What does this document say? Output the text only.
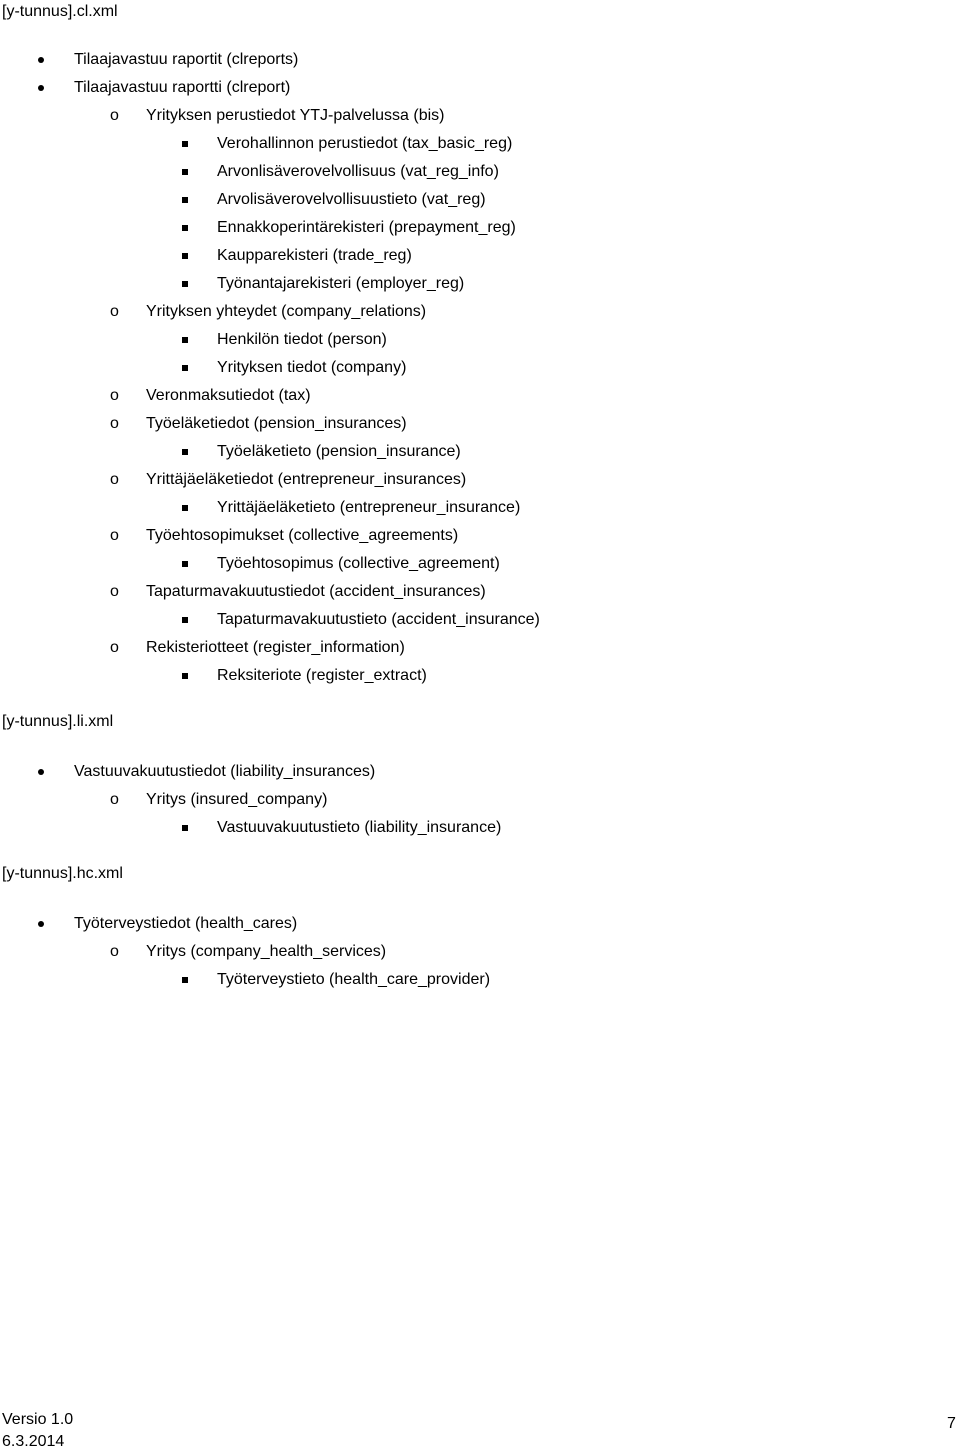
[y-tunnus].cl.xml
Tilaajavastuu raportit (clreports)
Tilaajavastuu raportti (clreport)
o Yrityksen perustiedot YTJ-palvelussa (bis)
Verohallinnon perustiedot (tax_basic_reg)
Arvonlisäverovelvollisuus (vat_reg_info)
Arvolisäverovelvollisuustieto (vat_reg)
Ennakkoperintärekisteri (prepayment_reg)
Kaupparekisteri (trade_reg)
Työnantajarekisteri (employer_reg)
o Yrityksen yhteydet (company_relations)
Henkilön tiedot (person)
Yrityksen tiedot (company)
o Veronmaksutiedot (tax)
o Työeläketiedot (pension_insurances)
Työeläketieto (pension_insurance)
o Yrittäjäeläketiedot (entrepreneur_insurances)
Yrittäjäeläketieto (entrepreneur_insurance)
o Työehtosopimukset (collective_agreements)
Työehtosopimus (collective_agreement)
o Tapaturmavakuutustiedot (accident_insurances)
Tapaturmavakuutustieto (accident_insurance)
o Rekisteriotteet (register_information)
Reksiteriote (register_extract)
[y-tunnus].li.xml
Vastuuvakuutustiedot (liability_insurances)
o Yritys (insured_company)
Vastuuvakuutustieto (liability_insurance)
[y-tunnus].hc.xml
Työterveystiedot (health_cares)
o Yritys (company_health_services)
Työterveystieto (health_care_provider)
Versio 1.0
6.3.2014
7
